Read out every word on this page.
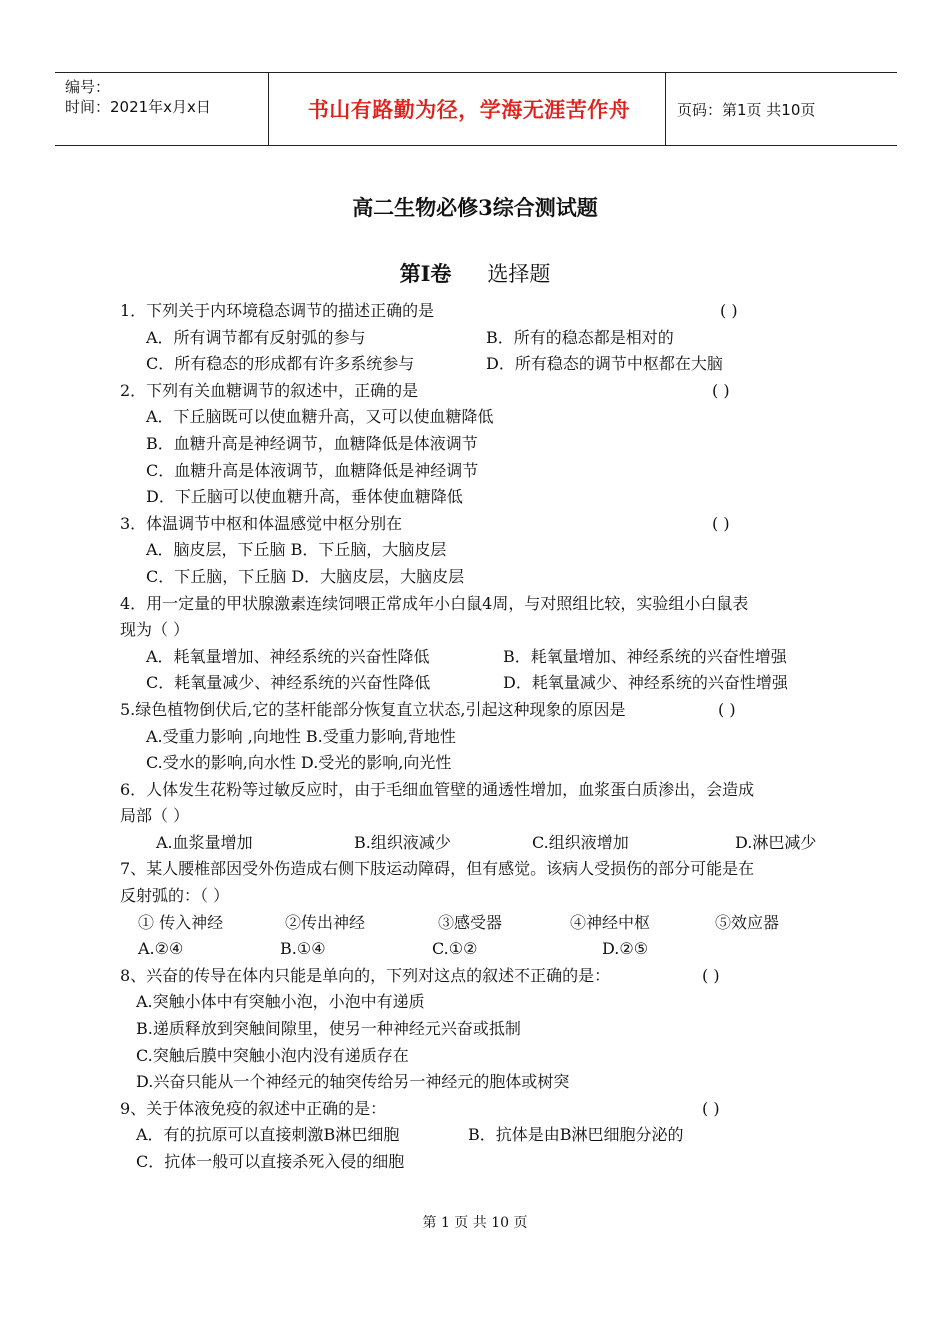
编号：
时间：2021年x月x日	书山有路勤为径，学海无涯苦作舟	页码：第1页 共10页
高二生物必修3综合测试题
第Ⅰ卷 选择题
1．下列关于内环境稳态调节的描述正确的是	( )
A．所有调节都有反射弧的参与	B．所有的稳态都是相对的
C．所有稳态的形成都有许多系统参与	D．所有稳态的调节中枢都在大脑
2．下列有关血糖调节的叙述中，正确的是	( )
A．下丘脑既可以使血糖升高，又可以使血糖降低
B．血糖升高是神经调节，血糖降低是体液调节
C．血糖升高是体液调节，血糖降低是神经调节
D．下丘脑可以使血糖升高，垂体使血糖降低
3．体温调节中枢和体温感觉中枢分别在	( )
A．脑皮层，下丘脑 B．下丘脑，大脑皮层
C．下丘脑，下丘脑 D．大脑皮层，大脑皮层
4．用一定量的甲状腺激素连续饲喂正常成年小白鼠4周，与对照组比较，实验组小白鼠表
现为（ ）
A．耗氧量增加、神经系统的兴奋性降低	B．耗氧量增加、神经系统的兴奋性增强
C．耗氧量减少、神经系统的兴奋性降低	D．耗氧量减少、神经系统的兴奋性增强
5.绿色植物倒伏后,它的茎杆能部分恢复直立状态,引起这种现象的原因是	( )
A.受重力影响 ,向地性 B.受重力影响,背地性
C.受水的影响,向水性 D.受光的影响,向光性
6．人体发生花粉等过敏反应时，由于毛细血管壁的通透性增加，血浆蛋白质渗出，会造成
局部（ ）
A.血浆量增加	B.组织液减少	C.组织液增加	D.淋巴减少
7、某人腰椎部因受外伤造成右侧下肢运动障碍，但有感觉。该病人受损伤的部分可能是在
反射弧的：（ ）
① 传入神经	②传出神经	③感受器	④神经中枢	⑤效应器
A.②④	B.①④	C.①②	D.②⑤
8、兴奋的传导在体内只能是单向的，下列对这点的叙述不正确的是：	( )
A.突触小体中有突触小泡，小泡中有递质
B.递质释放到突触间隙里，使另一种神经元兴奋或抵制
C.突触后膜中突触小泡内没有递质存在
D.兴奋只能从一个神经元的轴突传给另一神经元的胞体或树突
9、关于体液免疫的叙述中正确的是：	( )
A．有的抗原可以直接刺激B淋巴细胞	B．抗体是由B淋巴细胞分泌的
C．抗体一般可以直接杀死入侵的细胞
第 1 页 共 10 页
